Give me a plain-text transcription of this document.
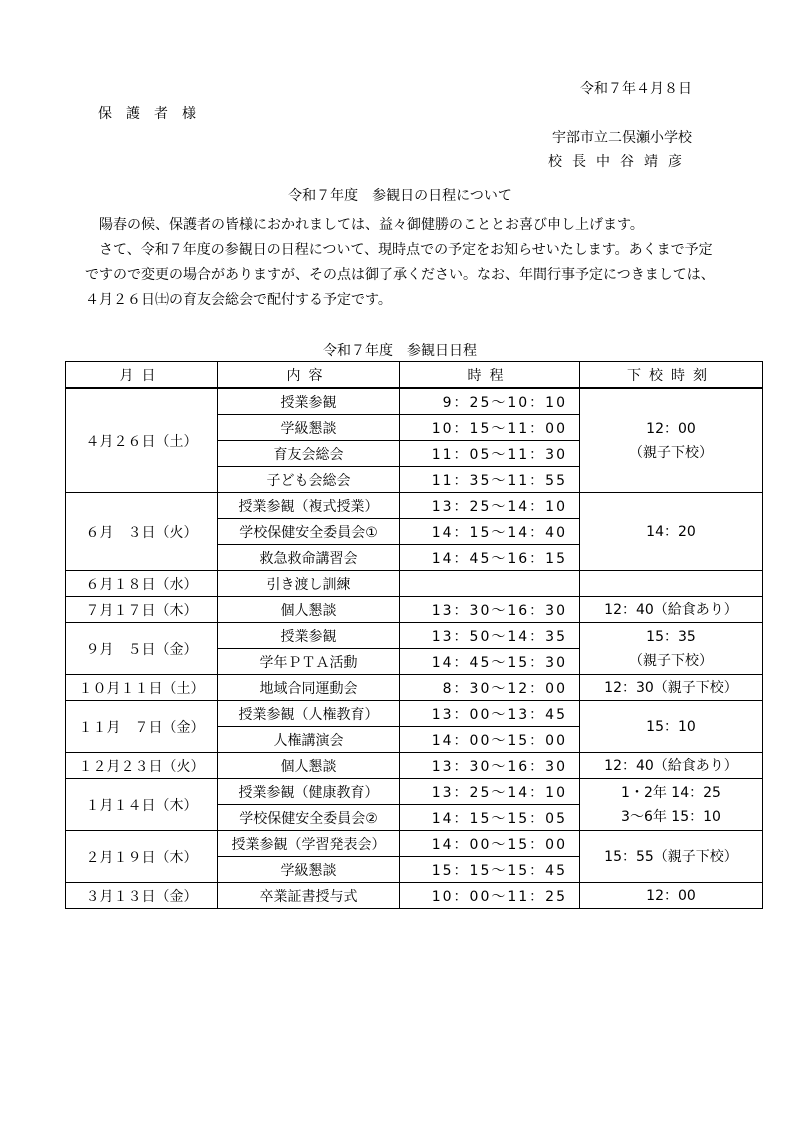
令和７年４月８日
保護者様
宇部市立二俣瀬小学校
校長中谷靖彦
令和７年度　参観日の日程について

陽春の候、保護者の皆様におかれましては、益々御健勝のこととお喜び申し上げます。

さて、令和７年度の参観日の日程について、現時点での予定をお知らせいたします。あくまで予定ですので変更の場合がありますが、その点は御了承ください。なお、年間行事予定につきましては、４月２６日㈯の育友会総会で配付する予定です。

令和７年度　参観日日程
月日	内容	時程	下校時刻
４月２６日（土）	授業参観	9：25～10：10	12：00
（親子下校）

	学級懇談	10：15～11：00	
	育友会総会	11：05～11：30	
	子ども会総会	11：35～11：55	
６月　３日（火）	授業参観（複式授業）	13：25～14：10	14：20

	学校保健安全委員会①	14：15～14：40	
	救急救命講習会	14：45～16：15	
６月１８日（水）	引き渡し訓練		

７月１７日（木）	個人懇談	13：30～16：30	12：40（給食あり）

９月　５日（金）	授業参観	13：50～14：35	15：35
（親子下校）

	学年ＰＴＡ活動	14：45～15：30	
１０月１１日（土）	地域合同運動会	8：30～12：00	12：30（親子下校）

１１月　７日（金）	授業参観（人権教育）	13：00～13：45	15：10

	人権講演会	14：00～15：00	
１２月２３日（火）	個人懇談	13：30～16：30	12：40（給食あり）

１月１４日（木）	授業参観（健康教育）	13：25～14：10	1・2年 14：25
3～6年 15：10

	学校保健安全委員会②	14：15～15：05	
２月１９日（木）	授業参観（学習発表会）	14：00～15：00	15：55（親子下校）

	学級懇談	15：15～15：45	
３月１３日（金）	卒業証書授与式	10：00～11：25	12：00
